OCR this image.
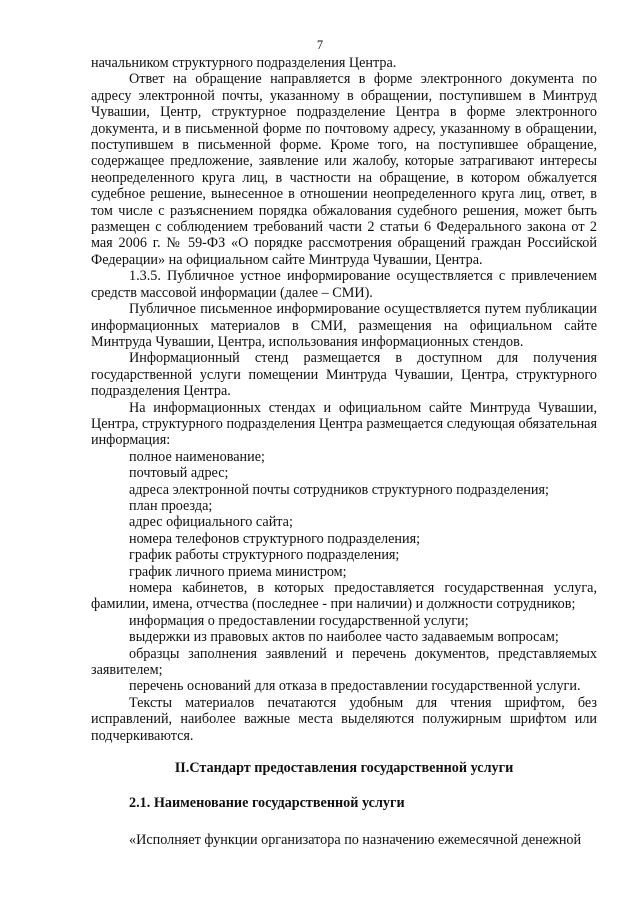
7

начальником структурного подразделения Центра.

Ответ на обращение направляется в форме электронного документа по адресу электронной почты, указанному в обращении, поступившем в Минтруд Чувашии, Центр, структурное подразделение Центра в форме электронного документа, и в письменной форме по почтовому адресу, указанному в обращении, поступившем в письменной форме. Кроме того, на поступившее обращение, содержащее предложение, заявление или жалобу, которые затрагивают интересы неопределенного круга лиц, в частности на обращение, в котором обжалуется судебное решение, вынесенное в отношении неопределенного круга лиц, ответ, в том числе с разъяснением порядка обжалования судебного решения, может быть размещен с соблюдением требований части 2 статьи 6 Федерального закона от 2 мая 2006 г. № 59-ФЗ «О порядке рассмотрения обращений граждан Российской Федерации» на официальном сайте Минтруда Чувашии, Центра.

1.3.5. Публичное устное информирование осуществляется с привлечением средств массовой информации (далее – СМИ).

Публичное письменное информирование осуществляется путем публикации информационных материалов в СМИ, размещения на официальном сайте Минтруда Чувашии, Центра, использования информационных стендов.

Информационный стенд размещается в доступном для получения государственной услуги помещении Минтруда Чувашии, Центра, структурного подразделения Центра.

На информационных стендах и официальном сайте Минтруда Чувашии, Центра, структурного подразделения Центра размещается следующая обязательная информация:

полное наименование;

почтовый адрес;

адреса электронной почты сотрудников структурного подразделения;

план проезда;

адрес официального сайта;

номера телефонов структурного подразделения;

график работы структурного подразделения;

график личного приема министром;

номера кабинетов, в которых предоставляется государственная услуга, фамилии, имена, отчества (последнее - при наличии) и должности сотрудников;

информация о предоставлении государственной услуги;

выдержки из правовых актов по наиболее часто задаваемым вопросам;

образцы заполнения заявлений и перечень документов, представляемых заявителем;

перечень оснований для отказа в предоставлении государственной услуги.

Тексты материалов печатаются удобным для чтения шрифтом, без исправлений, наиболее важные места выделяются полужирным шрифтом или подчеркиваются.

II.Стандарт предоставления государственной услуги

2.1. Наименование государственной услуги

«Исполняет функции организатора по назначению ежемесячной денежной
